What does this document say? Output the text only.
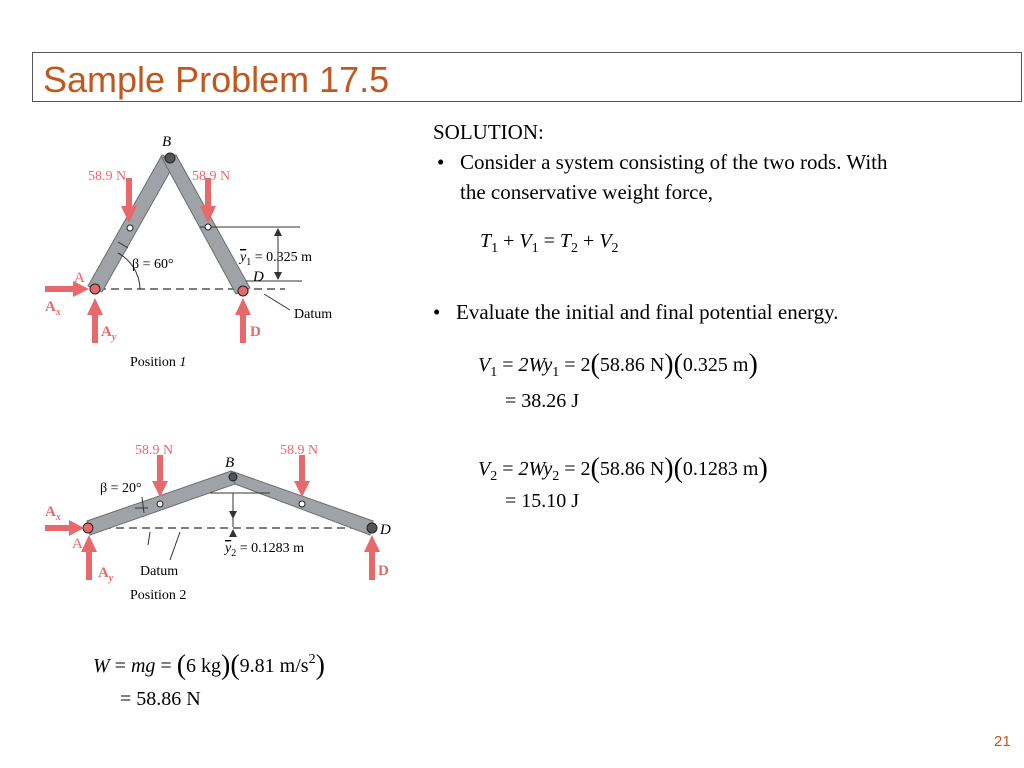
Sample Problem 17.5
B
58.9 N	58.9 N
A
$A_x$
$A_y$
D
D
β = 60°	$y_1 = 0.325$ m
Datum
Position 1
B
58.9 N	58.9 N
A
$A_x$
$A_y$
D
D
β = 20°
$y_2 = 0.1283$ m
Datum
Position 2
SOLUTION:
• Consider a system consisting of the two rods. With
the conservative weight force,
$T_1 + V_1 = T_2 + V_2$
• Evaluate the initial and final potential energy.
$V_1 = 2Wy_1 = 2(58.86$ N)(0.325 m)
= 38.26 J
$V_2 = 2Wy_2 = 2(58.86$ N)(0.1283 m)
= 15.10 J
W = mg = (6 kg)(9.81 $m/s^2$)
= 58.86 N
21
